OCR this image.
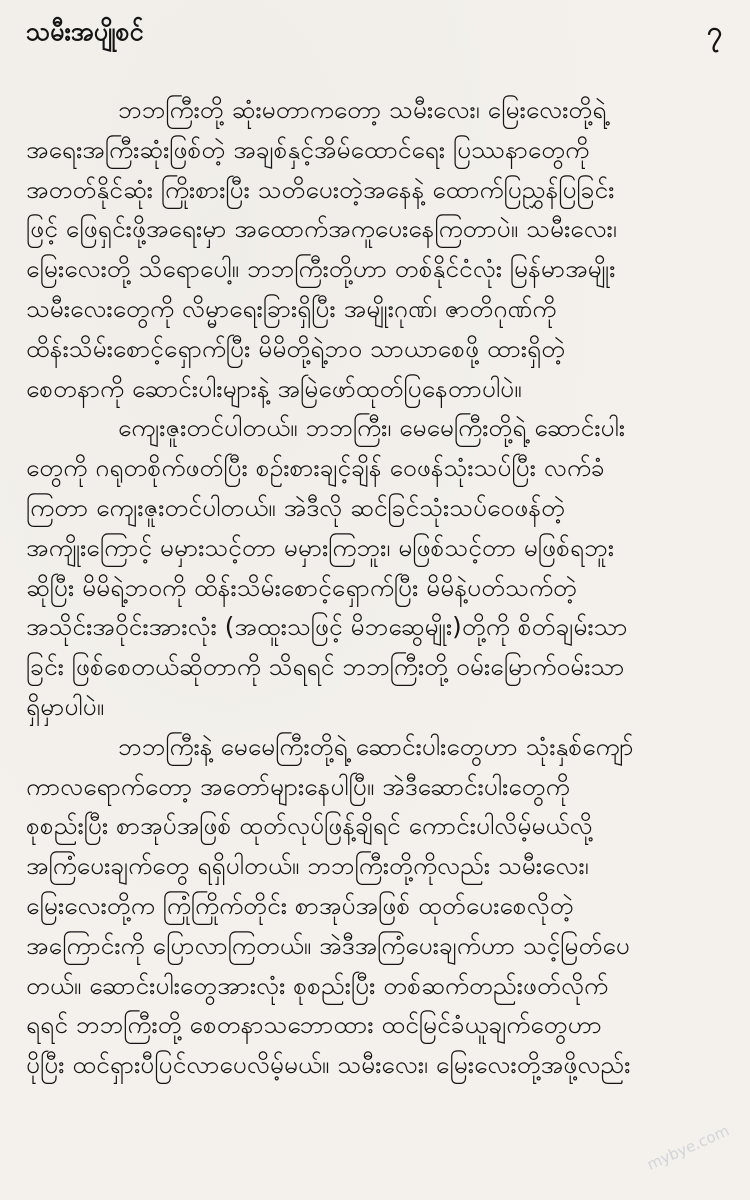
သမီးအပျိုစင်	၇
ဘဘကြီးတို့ ဆုံးမတာကတော့ သမီးလေး၊ မြေးလေးတို့ရဲ့
အရေးအကြီးဆုံးဖြစ်တဲ့ အချစ်နှင့်အိမ်ထောင်ရေး ပြဿနာတွေကို
အတတ်နိုင်ဆုံး ကြိုးစားပြီး သတိပေးတဲ့အနေနဲ့ ထောက်ပြညွှန်ပြခြင်း
ဖြင့် ဖြေရှင်းဖို့အရေးမှာ အထောက်အကူပေးနေကြတာပဲ။ သမီးလေး၊
မြေးလေးတို့ သိရောပေါ့။ ဘဘကြီးတို့ဟာ တစ်နိုင်ငံလုံး မြန်မာအမျိုး
သမီးလေးတွေကို လိမ္မာရေးခြားရှိပြီး အမျိုးဂုဏ်၊ ဇာတိဂုဏ်ကို
ထိန်းသိမ်းစောင့်ရှောက်ပြီး မိမိတို့ရဲ့ဘဝ သာယာစေဖို့ ထားရှိတဲ့
စေတနာကို ဆောင်းပါးများနဲ့ အမြဲဖော်ထုတ်ပြနေတာပါပဲ။
ကျေးဇူးတင်ပါတယ်။ ဘဘကြီး၊ မေမေကြီးတို့ရဲ့ ဆောင်းပါး
တွေကို ဂရုတစိုက်ဖတ်ပြီး စဉ်းစားချင့်ချိန် ဝေဖန်သုံးသပ်ပြီး လက်ခံ
ကြတာ ကျေးဇူးတင်ပါတယ်။ အဲဒီလို ဆင်ခြင်သုံးသပ်ဝေဖန်တဲ့
အကျိုးကြောင့် မမှားသင့်တာ မမှားကြဘူး၊ မဖြစ်သင့်တာ မဖြစ်ရဘူး
ဆိုပြီး မိမိရဲ့ဘဝကို ထိန်းသိမ်းစောင့်ရှောက်ပြီး မိမိနဲ့ပတ်သက်တဲ့
အသိုင်းအဝိုင်းအားလုံး (အထူးသဖြင့် မိဘဆွေမျိုး)တို့ကို စိတ်ချမ်းသာ
ခြင်း ဖြစ်စေတယ်ဆိုတာကို သိရရင် ဘဘကြီးတို့ ဝမ်းမြောက်ဝမ်းသာ
ရှိမှာပါပဲ။
ဘဘကြီးနဲ့ မေမေကြီးတို့ရဲ့ ဆောင်းပါးတွေဟာ သုံးနှစ်ကျော်
ကာလရောက်တော့ အတော်များနေပါပြီ။ အဲဒီဆောင်းပါးတွေကို
စုစည်းပြီး စာအုပ်အဖြစ် ထုတ်လုပ်ဖြန့်ချိရင် ကောင်းပါလိမ့်မယ်လို့
အကြံပေးချက်တွေ ရရှိပါတယ်။ ဘဘကြီးတို့ကိုလည်း သမီးလေး၊
မြေးလေးတို့က ကြုံကြိုက်တိုင်း စာအုပ်အဖြစ် ထုတ်ပေးစေလိုတဲ့
အကြောင်းကို ပြောလာကြတယ်။ အဲဒီအကြံပေးချက်ဟာ သင့်မြတ်ပေ
တယ်။ ဆောင်းပါးတွေအားလုံး စုစည်းပြီး တစ်ဆက်တည်းဖတ်လိုက်
ရရင် ဘဘကြီးတို့ စေတနာသဘောထား ထင်မြင်ခံယူချက်တွေဟာ
ပိုပြီး ထင်ရှားပီပြင်လာပေလိမ့်မယ်။ သမီးလေး၊ မြေးလေးတို့အဖို့လည်း
mybye.com
